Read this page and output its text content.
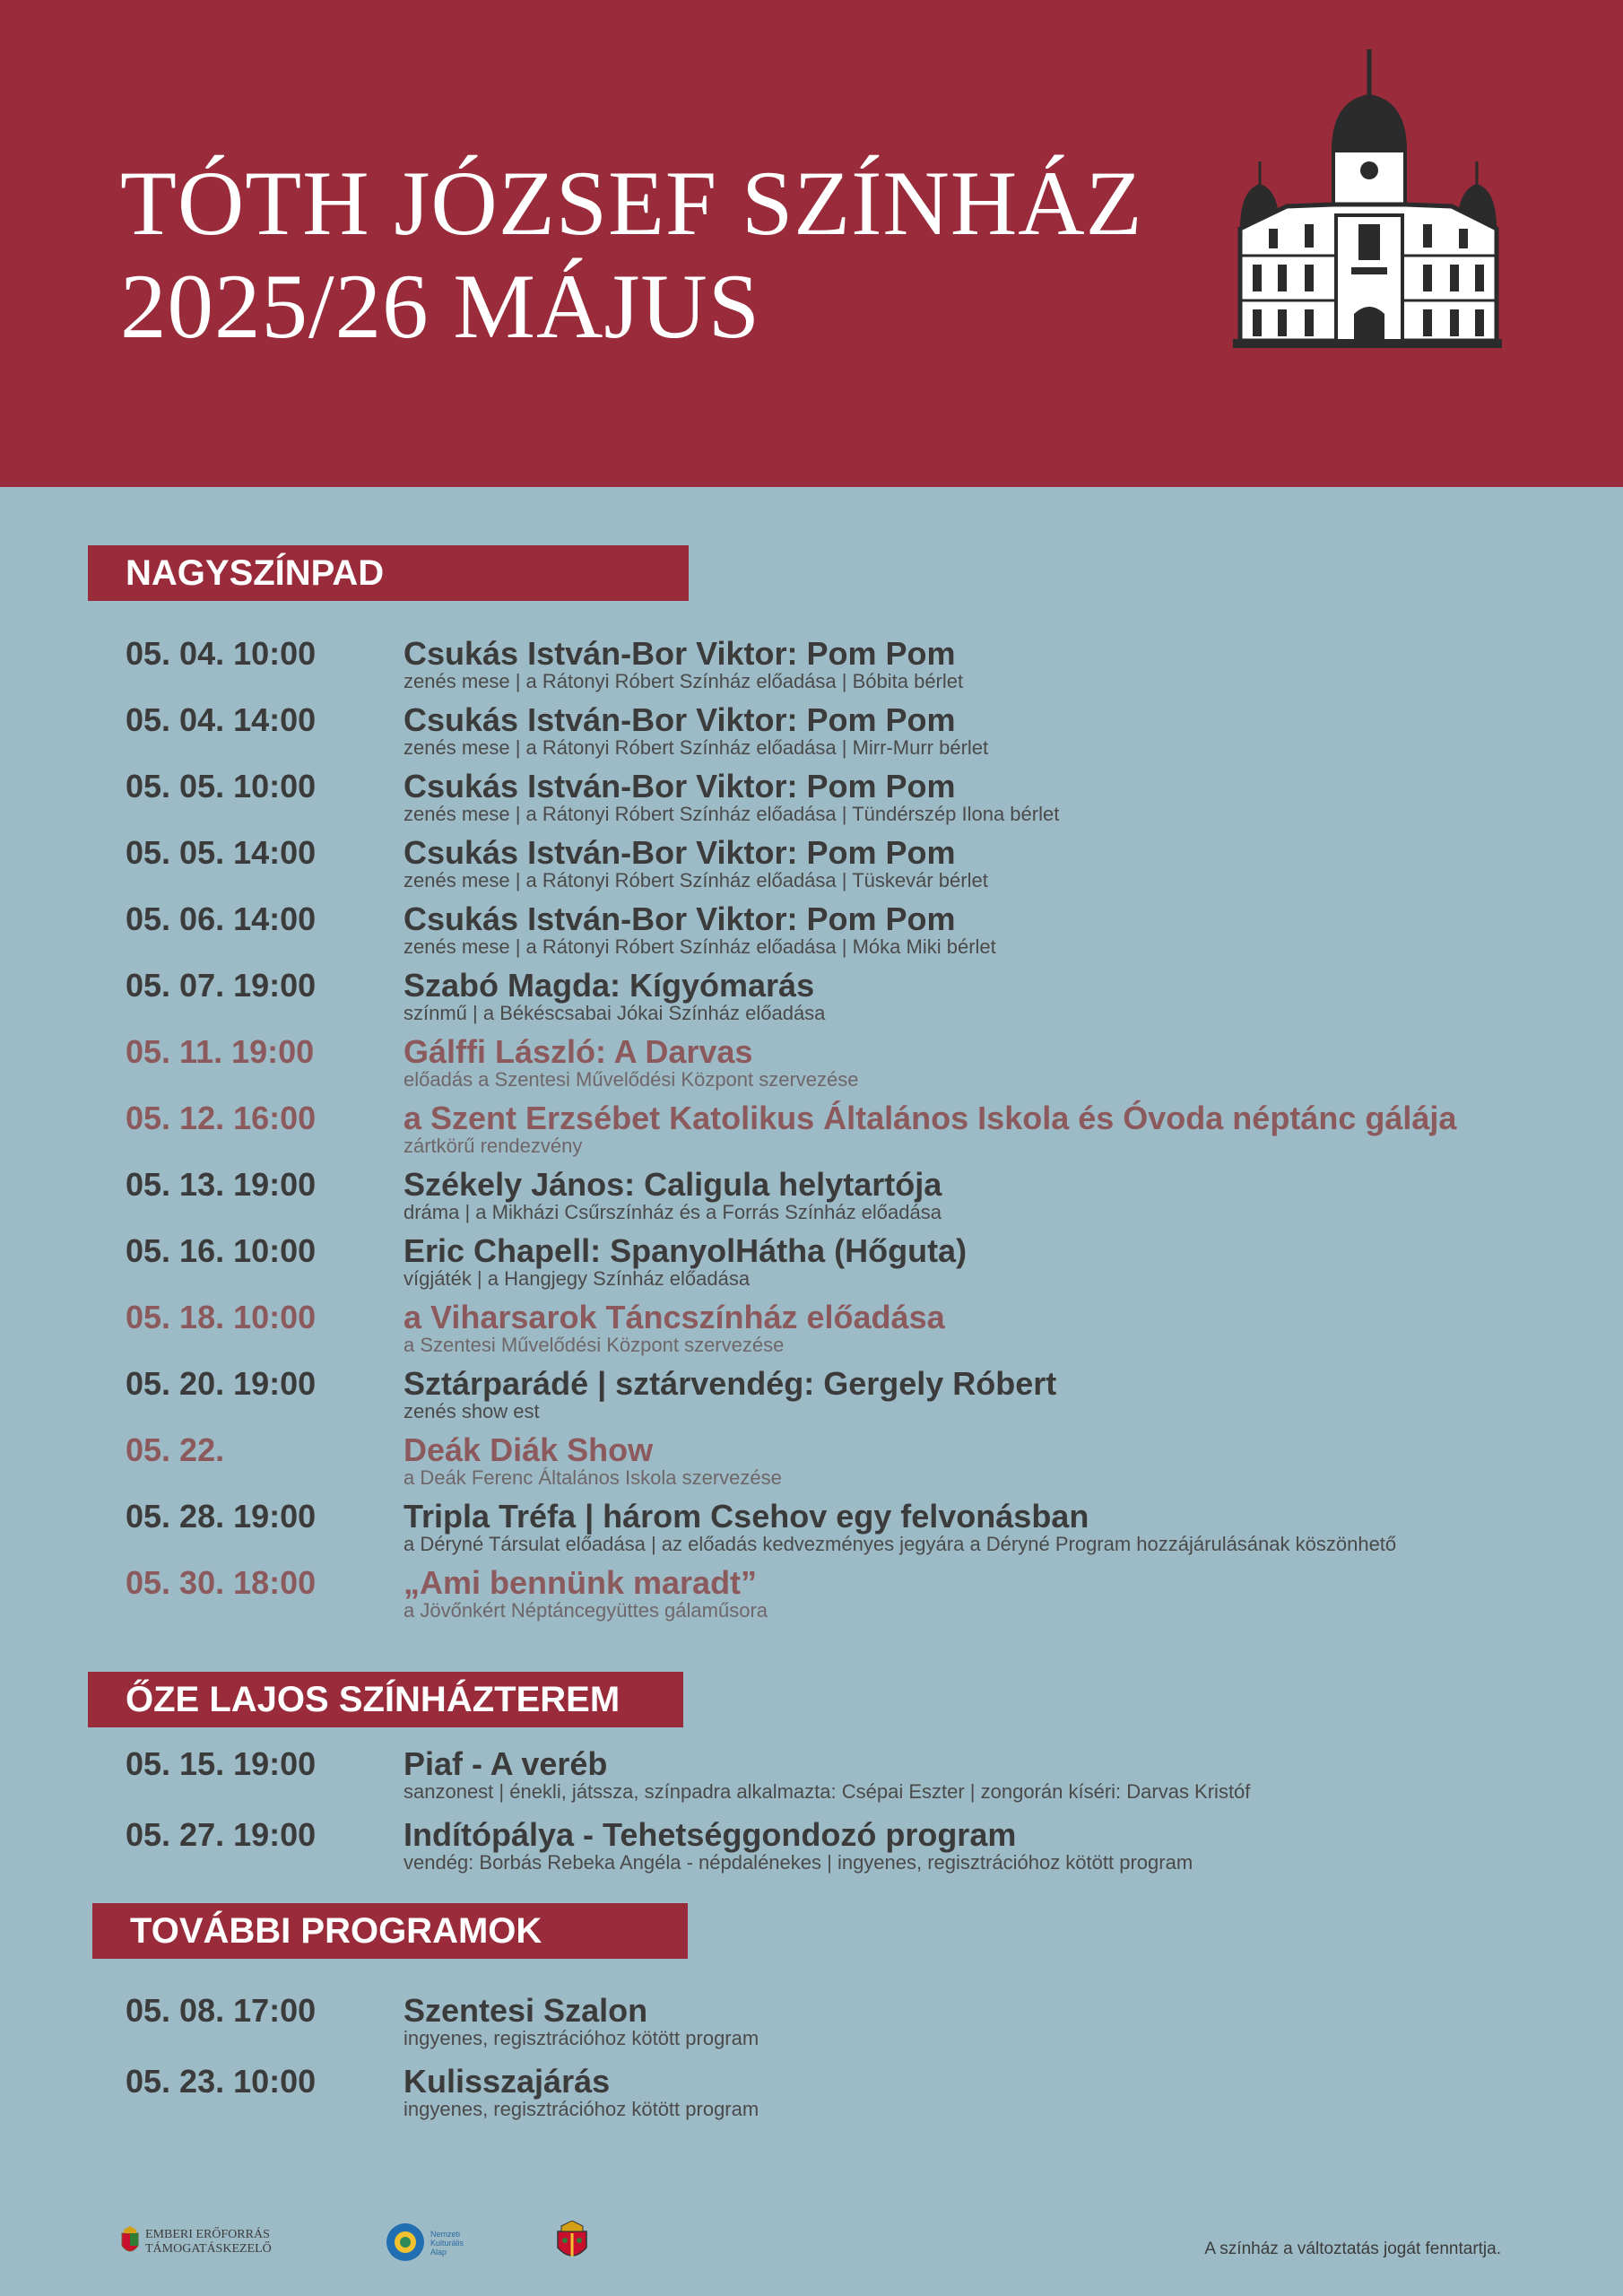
TÓTH JÓZSEF SZÍNHÁZ
2025/26 MÁJUS
NAGYSZÍNPAD
05. 04. 10:00	Csukás István-Bor Viktor: Pom Pom
zenés mese | a Rátonyi Róbert Színház előadása | Bóbita bérlet
05. 04. 14:00	Csukás István-Bor Viktor: Pom Pom
zenés mese | a Rátonyi Róbert Színház előadása | Mirr-Murr bérlet
05. 05. 10:00	Csukás István-Bor Viktor: Pom Pom
zenés mese | a Rátonyi Róbert Színház előadása | Tündérszép Ilona bérlet
05. 05. 14:00	Csukás István-Bor Viktor: Pom Pom
zenés mese | a Rátonyi Róbert Színház előadása | Tüskevár bérlet
05. 06. 14:00	Csukás István-Bor Viktor: Pom Pom
zenés mese | a Rátonyi Róbert Színház előadása | Móka Miki bérlet
05. 07. 19:00	Szabó Magda: Kígyómarás
színmű | a Békéscsabai Jókai Színház előadása
05. 11. 19:00	Gálffi László: A Darvas
előadás a Szentesi Művelődési Központ szervezése
05. 12. 16:00	a Szent Erzsébet Katolikus Általános Iskola és Óvoda néptánc gálája
zártkörű rendezvény
05. 13. 19:00	Székely János: Caligula helytartója
dráma | a Mikházi Csűrszínház és a Forrás Színház előadása
05. 16. 10:00	Eric Chapell: SpanyolHátha (Hőguta)
vígjáték | a Hangjegy Színház előadása
05. 18. 10:00	a Viharsarok Táncszínház előadása
a Szentesi Művelődési Központ szervezése
05. 20. 19:00	Sztárparádé | sztárvendég: Gergely Róbert
zenés show est
05. 22.	Deák Diák Show
a Deák Ferenc Általános Iskola szervezése
05. 28. 19:00	Tripla Tréfa | három Csehov egy felvonásban
a Déryné Társulat előadása | az előadás kedvezményes jegyára a Déryné Program hozzájárulásának köszönhető
05. 30. 18:00	„Ami bennünk maradt”
a Jövőnkért Néptáncegyüttes gálaműsora
ŐZE LAJOS SZÍNHÁZTEREM
05. 15. 19:00	Piaf - A veréb
sanzonest | énekli, játssza, színpadra alkalmazta: Csépai Eszter | zongorán kíséri: Darvas Kristóf
05. 27. 19:00	Indítópálya - Tehetséggondozó program
vendég: Borbás Rebeka Angéla - népdalénekes | ingyenes, regisztrációhoz kötött program
TOVÁBBI PROGRAMOK
05. 08. 17:00	Szentesi Szalon
ingyenes, regisztrációhoz kötött program
05. 23. 10:00	Kulisszajárás
ingyenes, regisztrációhoz kötött program
EMBERI ERŐFORRÁS
TÁMOGATÁSKEZELŐ
Nemzeti
Kulturális
Alap	A színház a változtatás jogát fenntartja.
